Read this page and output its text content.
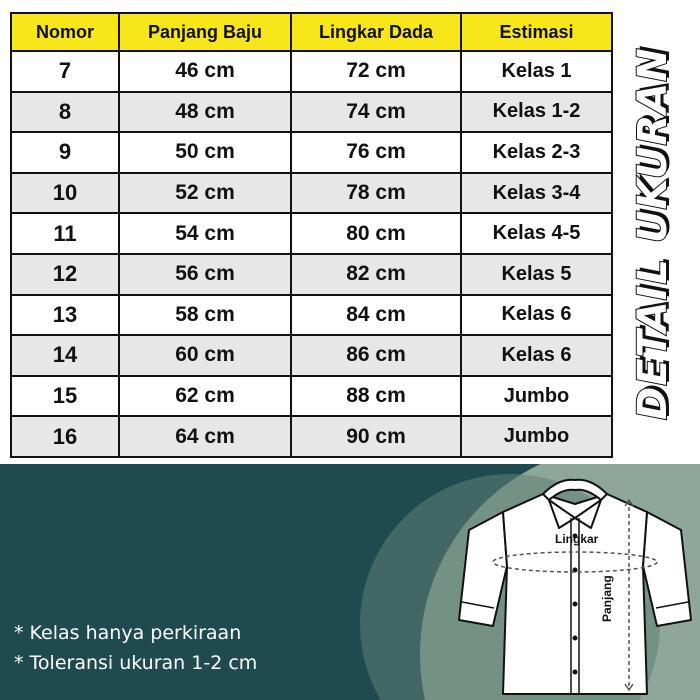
Nomor	Panjang Baju	Lingkar Dada	Estimasi
7	46 cm	72 cm	Kelas 1
8	48 cm	74 cm	Kelas 1-2
9	50 cm	76 cm	Kelas 2-3
10	52 cm	78 cm	Kelas 3-4
11	54 cm	80 cm	Kelas 4-5
12	56 cm	82 cm	Kelas 5
13	58 cm	84 cm	Kelas 6
14	60 cm	86 cm	Kelas 6
15	62 cm	88 cm	Jumbo
16	64 cm	90 cm	Jumbo
DETAIL UKURAN
* Kelas hanya perkiraan
* Toleransi ukuran 1-2 cm
Lingkar
Panjang
